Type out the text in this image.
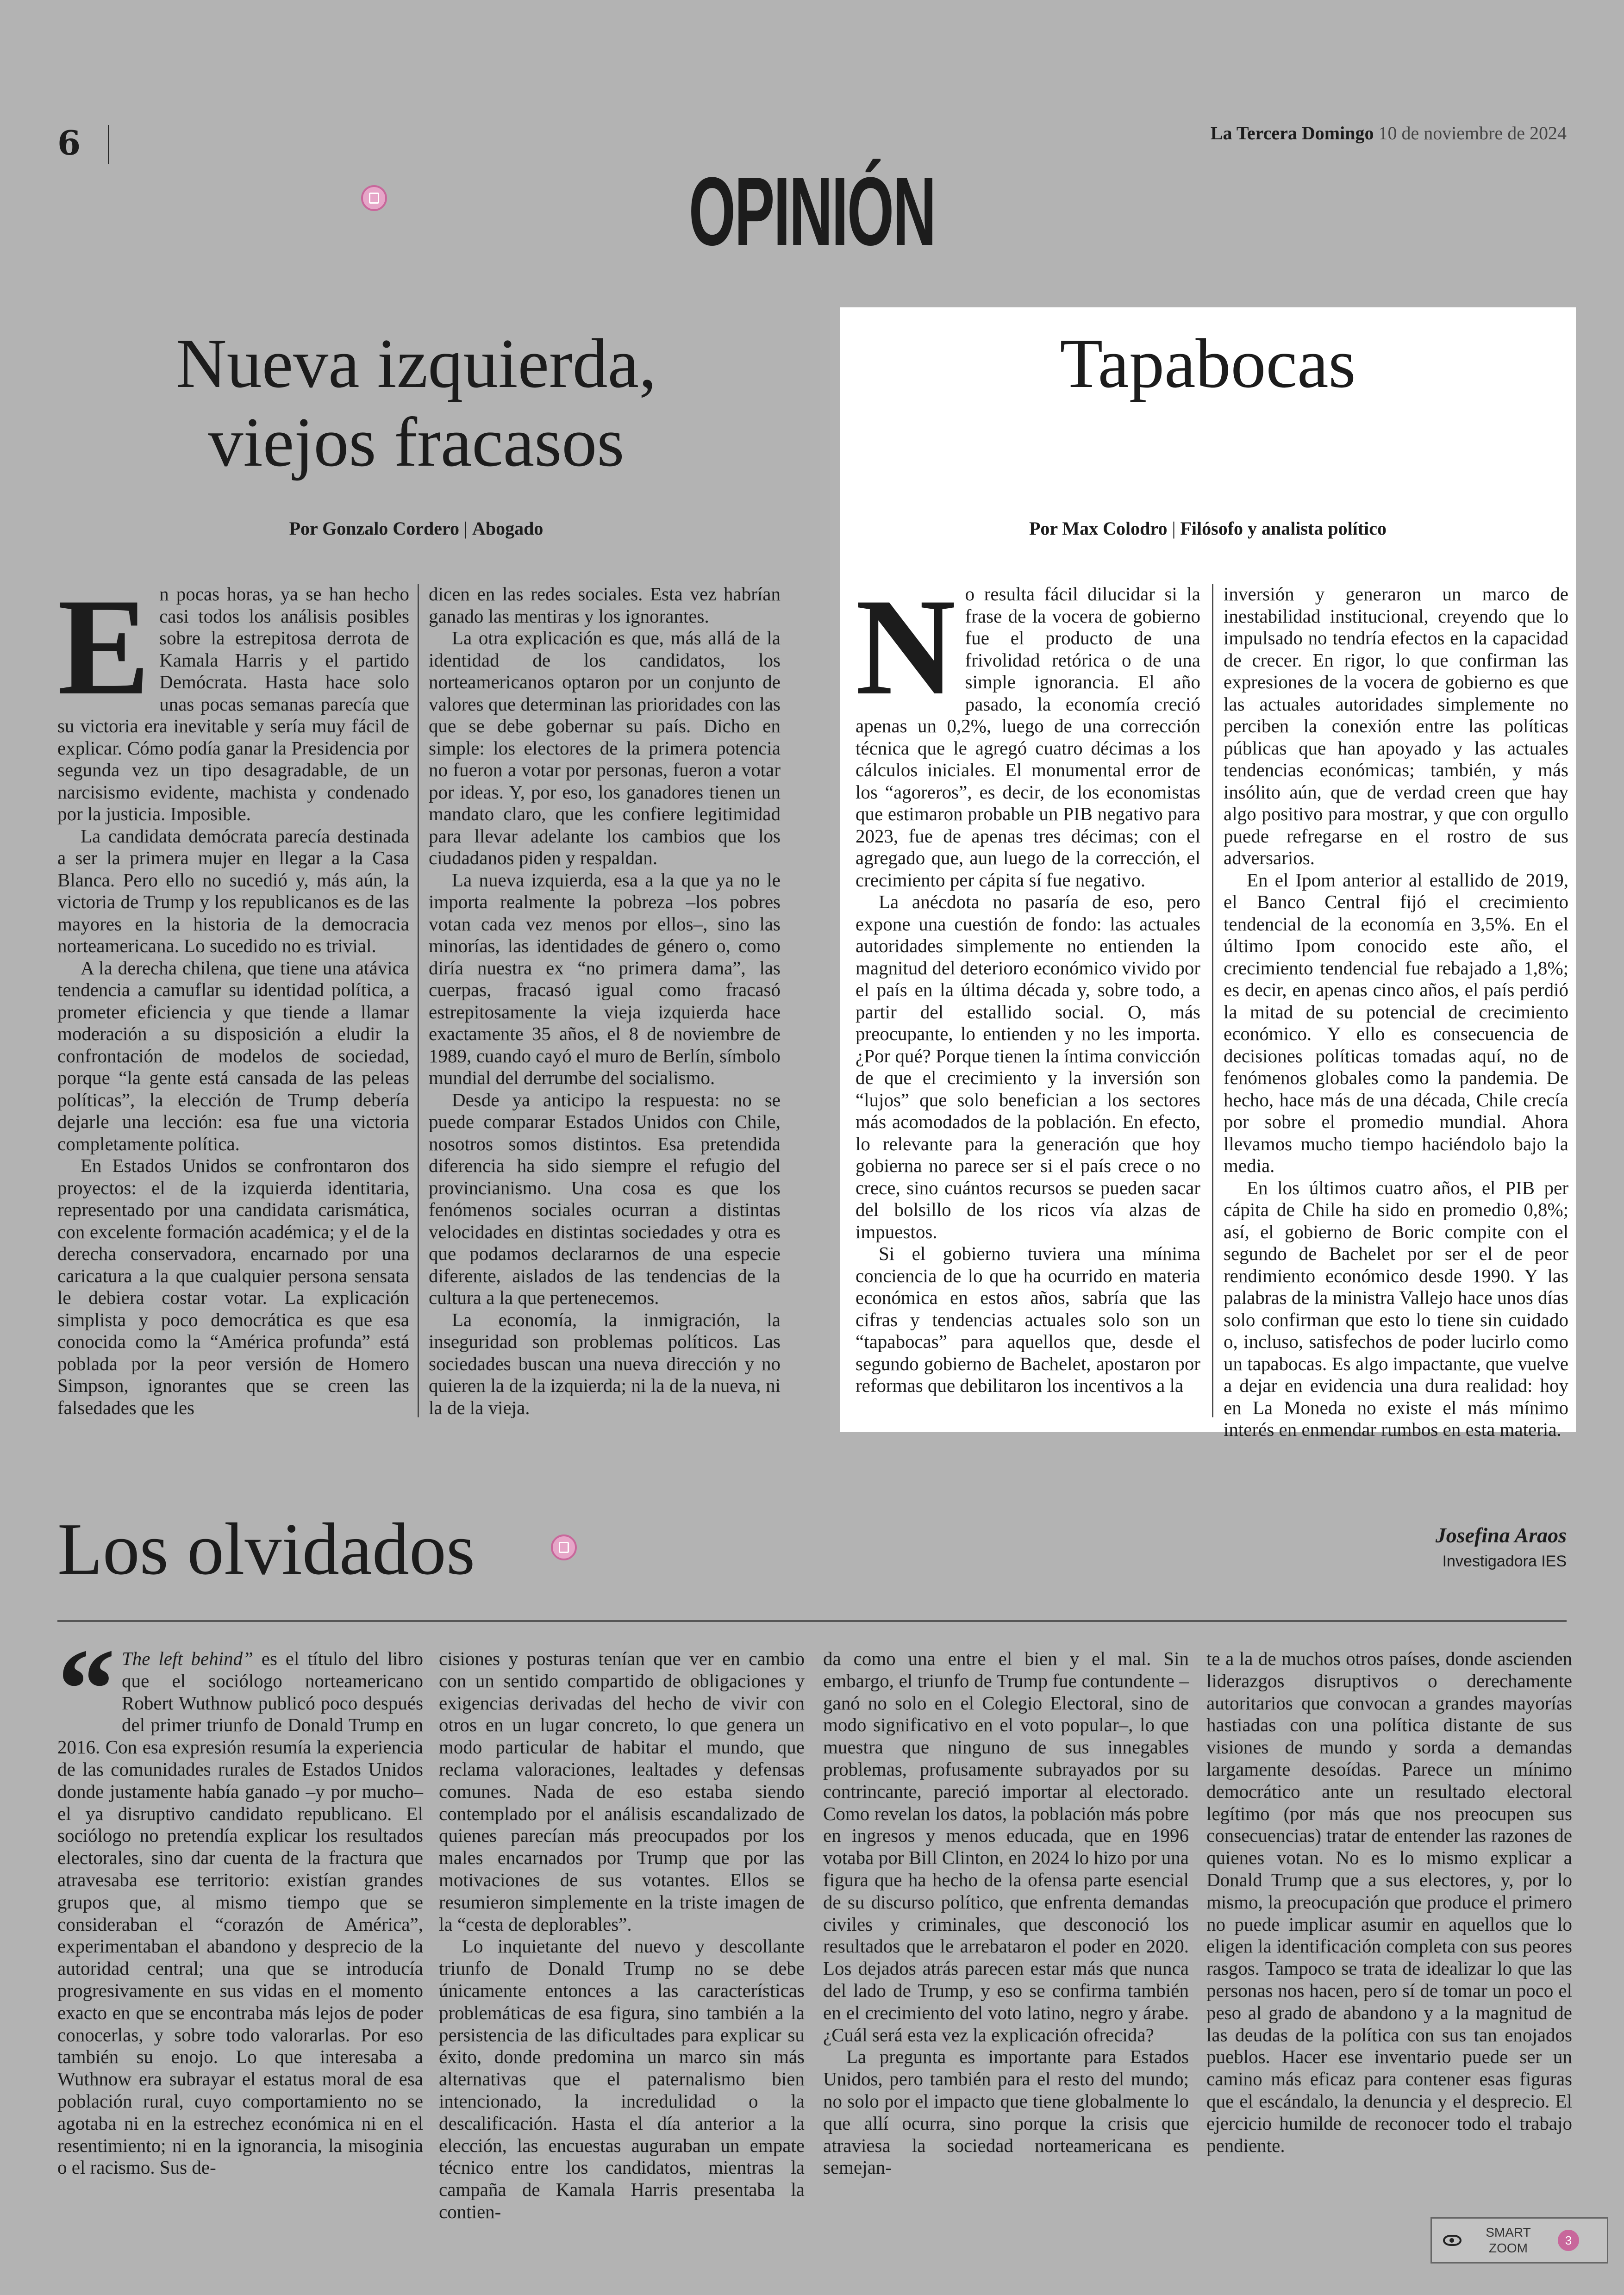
6	La Tercera Domingo 10 de noviembre de 2024
OPINIÓN
Nueva izquierda,
viejos fracasos
Por Gonzalo Cordero | Abogado
E n pocas horas, ya se han hecho casi todos los análisis posibles sobre la estrepitosa derrota de Kamala Harris y el partido Demócrata. Hasta hace solo unas pocas semanas parecía que su victoria era inevitable y sería muy fácil de explicar. Cómo podía ganar la Presidencia por segunda vez un tipo desagradable, de un narcisismo evidente, machista y condenado por la justicia. Imposible.

La candidata demócrata parecía destinada a ser la primera mujer en llegar a la Casa Blanca. Pero ello no sucedió y, más aún, la victoria de Trump y los republicanos es de las mayores en la historia de la democracia norteamericana. Lo sucedido no es trivial.

A la derecha chilena, que tiene una atávica tendencia a camuflar su identidad política, a prometer eficiencia y que tiende a llamar moderación a su disposición a eludir la confrontación de modelos de sociedad, porque “la gente está cansada de las peleas políticas”, la elección de Trump debería dejarle una lección: esa fue una victoria completamente política.

En Estados Unidos se confrontaron dos proyectos: el de la izquierda identitaria, representado por una candidata carismática, con excelente formación académica; y el de la derecha conservadora, encarnado por una caricatura a la que cualquier persona sensata le debiera costar votar. La explicación simplista y poco democrática es que esa conocida como la “América profunda” está poblada por la peor versión de Homero Simpson, ignorantes que se creen las falsedades que les

dicen en las redes sociales. Esta vez habrían ganado las mentiras y los ignorantes.

La otra explicación es que, más allá de la identidad de los candidatos, los norteamericanos optaron por un conjunto de valores que determinan las prioridades con las que se debe gobernar su país. Dicho en simple: los electores de la primera potencia no fueron a votar por personas, fueron a votar por ideas. Y, por eso, los ganadores tienen un mandato claro, que les confiere legitimidad para llevar adelante los cambios que los ciudadanos piden y respaldan.

La nueva izquierda, esa a la que ya no le importa realmente la pobreza –los pobres votan cada vez menos por ellos–, sino las minorías, las identidades de género o, como diría nuestra ex “no primera dama”, las cuerpas, fracasó igual como fracasó estrepitosamente la vieja izquierda hace exactamente 35 años, el 8 de noviembre de 1989, cuando cayó el muro de Berlín, símbolo mundial del derrumbe del socialismo.

Desde ya anticipo la respuesta: no se puede comparar Estados Unidos con Chile, nosotros somos distintos. Esa pretendida diferencia ha sido siempre el refugio del provincianismo. Una cosa es que los fenómenos sociales ocurran a distintas velocidades en distintas sociedades y otra es que podamos declararnos de una especie diferente, aislados de las tendencias de la cultura a la que pertenecemos.

La economía, la inmigración, la inseguridad son problemas políticos. Las sociedades buscan una nueva dirección y no quieren la de la izquierda; ni la de la nueva, ni la de la vieja.

Tapabocas
Por Max Colodro | Filósofo y analista político
N o resulta fácil dilucidar si la frase de la vocera de gobierno fue el producto de una frivolidad retórica o de una simple ignorancia. El año pasado, la economía creció apenas un 0,2%, luego de una corrección técnica que le agregó cuatro décimas a los cálculos iniciales. El monumental error de los “agoreros”, es decir, de los economistas que estimaron probable un PIB negativo para 2023, fue de apenas tres décimas; con el agregado que, aun luego de la corrección, el crecimiento per cápita sí fue negativo.

La anécdota no pasaría de eso, pero expone una cuestión de fondo: las actuales autoridades simplemente no entienden la magnitud del deterioro económico vivido por el país en la última década y, sobre todo, a partir del estallido social. O, más preocupante, lo entienden y no les importa. ¿Por qué? Porque tienen la íntima convicción de que el crecimiento y la inversión son “lujos” que solo benefician a los sectores más acomodados de la población. En efecto, lo relevante para la generación que hoy gobierna no parece ser si el país crece o no crece, sino cuántos recursos se pueden sacar del bolsillo de los ricos vía alzas de impuestos.

Si el gobierno tuviera una mínima conciencia de lo que ha ocurrido en materia económica en estos años, sabría que las cifras y tendencias actuales solo son un “tapabocas” para aquellos que, desde el segundo gobierno de Bachelet, apostaron por reformas que debilitaron los incentivos a la

inversión y generaron un marco de inestabilidad institucional, creyendo que lo impulsado no tendría efectos en la capacidad de crecer. En rigor, lo que confirman las expresiones de la vocera de gobierno es que las actuales autoridades simplemente no perciben la conexión entre las políticas públicas que han apoyado y las actuales tendencias económicas; también, y más insólito aún, que de verdad creen que hay algo positivo para mostrar, y que con orgullo puede refregarse en el rostro de sus adversarios.

En el Ipom anterior al estallido de 2019, el Banco Central fijó el crecimiento tendencial de la economía en 3,5%. En el último Ipom conocido este año, el crecimiento tendencial fue rebajado a 1,8%; es decir, en apenas cinco años, el país perdió la mitad de su potencial de crecimiento económico. Y ello es consecuencia de decisiones políticas tomadas aquí, no de fenómenos globales como la pandemia. De hecho, hace más de una década, Chile crecía por sobre el promedio mundial. Ahora llevamos mucho tiempo haciéndolo bajo la media.

En los últimos cuatro años, el PIB per cápita de Chile ha sido en promedio 0,8%; así, el gobierno de Boric compite con el segundo de Bachelet por ser el de peor rendimiento económico desde 1990. Y las palabras de la ministra Vallejo hace unos días solo confirman que esto lo tiene sin cuidado o, incluso, satisfechos de poder lucirlo como un tapabocas. Es algo impactante, que vuelve a dejar en evidencia una dura realidad: hoy en La Moneda no existe el más mínimo interés en enmendar rumbos en esta materia.

Los olvidados	Josefina Araos
Investigadora IES
“ The left behind” es el título del libro que el sociólogo norteamericano Robert Wuthnow publicó poco después del primer triunfo de Donald Trump en 2016. Con esa expresión resumía la experiencia de las comunidades rurales de Estados Unidos donde justamente había ganado –y por mucho– el ya disruptivo candidato republicano. El sociólogo no pretendía explicar los resultados electorales, sino dar cuenta de la fractura que atravesaba ese territorio: existían grandes grupos que, al mismo tiempo que se consideraban el “corazón de América”, experimentaban el abandono y desprecio de la autoridad central; una que se introducía progresivamente en sus vidas en el momento exacto en que se encontraba más lejos de poder conocerlas, y sobre todo valorarlas. Por eso también su enojo. Lo que interesaba a Wuthnow era subrayar el estatus moral de esa población rural, cuyo comportamiento no se agotaba ni en la estrechez económica ni en el resentimiento; ni en la ignorancia, la misoginia o el racismo. Sus de-

cisiones y posturas tenían que ver en cambio con un sentido compartido de obligaciones y exigencias derivadas del hecho de vivir con otros en un lugar concreto, lo que genera un modo particular de habitar el mundo, que reclama valoraciones, lealtades y defensas comunes. Nada de eso estaba siendo contemplado por el análisis escandalizado de quienes parecían más preocupados por los males encarnados por Trump que por las motivaciones de sus votantes. Ellos se resumieron simplemente en la triste imagen de la “cesta de deplorables”.

Lo inquietante del nuevo y descollante triunfo de Donald Trump no se debe únicamente entonces a las características problemáticas de esa figura, sino también a la persistencia de las dificultades para explicar su éxito, donde predomina un marco sin más alternativas que el paternalismo bien intencionado, la incredulidad o la descalificación. Hasta el día anterior a la elección, las encuestas auguraban un empate técnico entre los candidatos, mientras la campaña de Kamala Harris presentaba la contien-

da como una entre el bien y el mal. Sin embargo, el triunfo de Trump fue contundente –ganó no solo en el Colegio Electoral, sino de modo significativo en el voto popular–, lo que muestra que ninguno de sus innegables problemas, profusamente subrayados por su contrincante, pareció importar al electorado. Como revelan los datos, la población más pobre en ingresos y menos educada, que en 1996 votaba por Bill Clinton, en 2024 lo hizo por una figura que ha hecho de la ofensa parte esencial de su discurso político, que enfrenta demandas civiles y criminales, que desconoció los resultados que le arrebataron el poder en 2020. Los dejados atrás parecen estar más que nunca del lado de Trump, y eso se confirma también en el crecimiento del voto latino, negro y árabe. ¿Cuál será esta vez la explicación ofrecida?

La pregunta es importante para Estados Unidos, pero también para el resto del mundo; no solo por el impacto que tiene globalmente lo que allí ocurra, sino porque la crisis que atraviesa la sociedad norteamericana es semejan-

te a la de muchos otros países, donde ascienden liderazgos disruptivos o derechamente autoritarios que convocan a grandes mayorías hastiadas con una política distante de sus visiones de mundo y sorda a demandas largamente desoídas. Parece un mínimo democrático ante un resultado electoral legítimo (por más que nos preocupen sus consecuencias) tratar de entender las razones de quienes votan. No es lo mismo explicar a Donald Trump que a sus electores, y, por lo mismo, la preocupación que produce el primero no puede implicar asumir en aquellos que lo eligen la identificación completa con sus peores rasgos. Tampoco se trata de idealizar lo que las personas nos hacen, pero sí de tomar un poco el peso al grado de abandono y a la magnitud de las deudas de la política con sus tan enojados pueblos. Hacer ese inventario puede ser un camino más eficaz para contener esas figuras que el escándalo, la denuncia y el desprecio. El ejercicio humilde de reconocer todo el trabajo pendiente.

SMART
ZOOM
3
